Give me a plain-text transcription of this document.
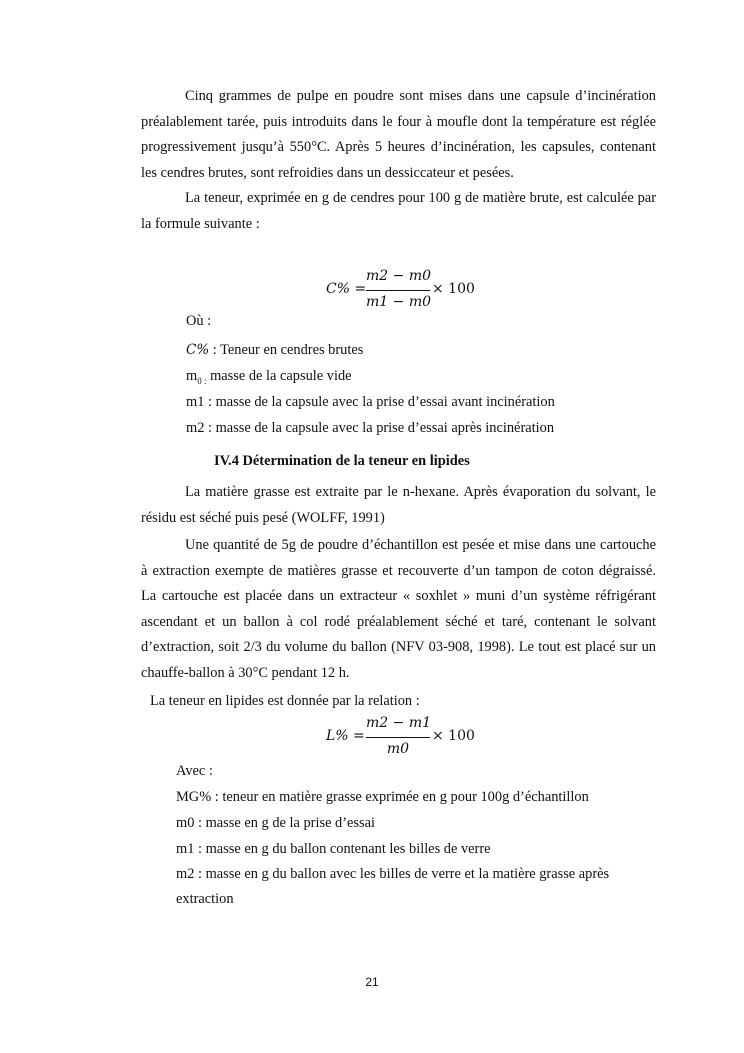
Cinq grammes de pulpe en poudre sont mises dans une capsule d’incinération préalablement tarée, puis introduits dans le four à moufle dont la température est réglée progressivement jusqu’à 550°C. Après 5 heures d’incinération, les capsules, contenant les cendres brutes, sont refroidies dans un dessiccateur et pesées.
La teneur, exprimée en g de cendres pour 100 g de matière brute, est calculée par la formule suivante :
C% =
m2 − m0
m1 − m0
× 100
Où :
C% : Teneur en cendres brutes
$m_{0 :}$ masse de la capsule vide
m1 : masse de la capsule avec la prise d’essai avant incinération
m2 : masse de la capsule avec la prise d’essai après incinération
IV.4 Détermination de la teneur en lipides
La matière grasse est extraite par le n-hexane. Après évaporation du solvant, le résidu est séché puis pesé (WOLFF, 1991)
Une quantité de 5g de poudre d’échantillon est pesée et mise dans une cartouche à extraction exempte de matières grasse et recouverte d’un tampon de coton dégraissé. La cartouche est placée dans un extracteur « soxhlet » muni d’un système réfrigérant ascendant et un ballon à col rodé préalablement séché et taré, contenant le solvant d’extraction, soit 2/3 du volume du ballon (NFV 03-908, 1998). Le tout est placé sur un chauffe-ballon à 30°C pendant 12 h.
La teneur en lipides est donnée par la relation :
L% =
m2 − m1
m0
× 100
Avec :
MG% : teneur en matière grasse exprimée en g pour 100g d’échantillon
m0 : masse en g de la prise d’essai
m1 : masse en g du ballon contenant les billes de verre
m2 : masse en g du ballon avec les billes de verre et la matière grasse après
extraction
21
